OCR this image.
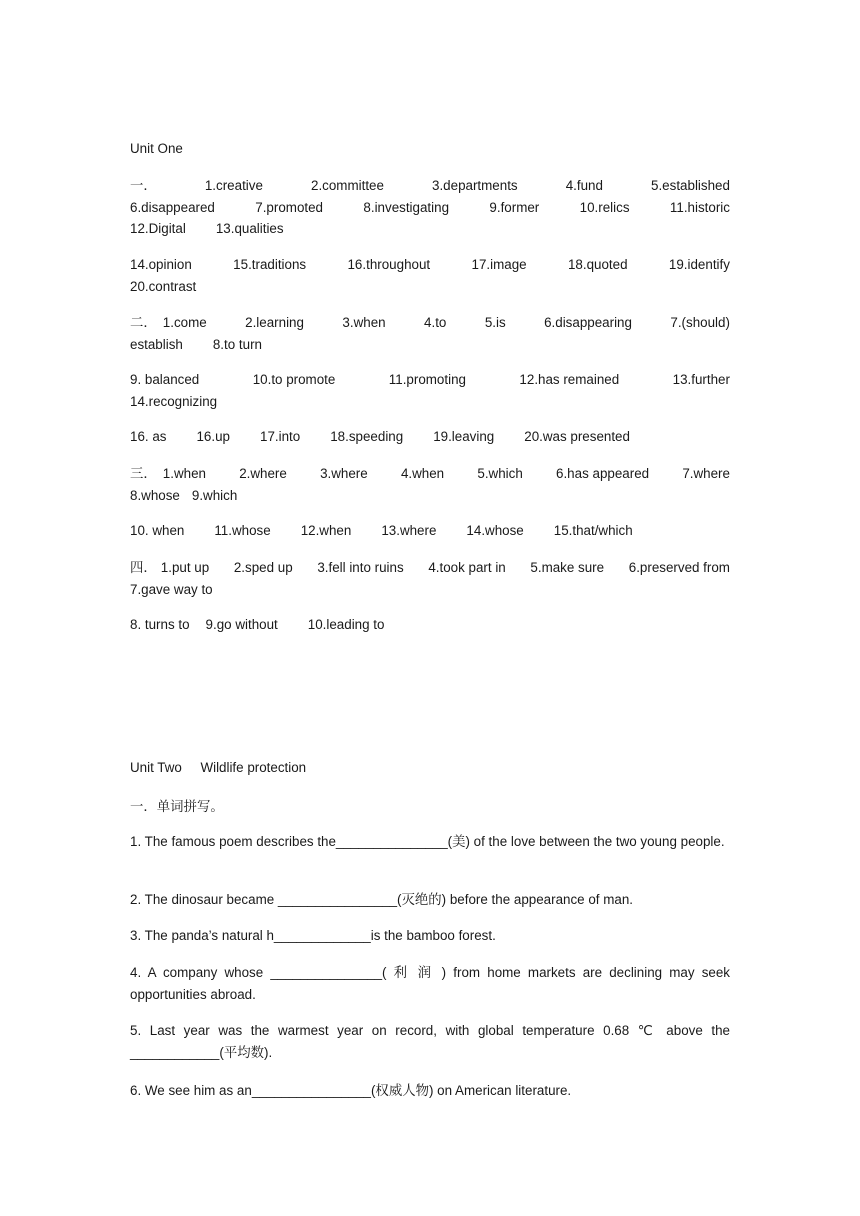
Unit One
一．	1.creative	2.committee	3.departments	4.fund	5.established
6.disappeared	7.promoted	8.investigating	9.former	10.relics	11.historic
12.Digital 13.qualities
14.opinion	15.traditions	16.throughout	17.image	18.quoted	19.identify
20.contrast
二． 1.come	2.learning	3.when	4.to	5.is	6.disappearing	7.(should)
establish 8.to turn
9. balanced	10.to promote	11.promoting	12.has remained	13.further
14.recognizing
16. as 16.up 17.into 18.speeding 19.leaving 20.was presented
三． 1.when 2.where 3.where 4.when 5.which 6.has appeared 7.where
8.whose 9.which
10. when 11.whose 12.when 13.where 14.whose 15.that/which
四． 1.put up 2.sped up 3.fell into ruins 4.took part in 5.make sure 6.preserved from
7.gave way to
8. turns to 9.go without 10.leading to
Unit Two     Wildlife protection
一．单词拼写。
1. The famous poem describes the_______________(美) of the love between the two young people.
2. The dinosaur became ________________(灭绝的) before the appearance of man.
3. The panda’s natural h_____________is the bamboo forest.
4. A company whose _______________( 利 润 ) from home markets are declining may seek opportunities abroad.
5. Last year was the warmest year on record, with global temperature 0.68 ℃ above the ____________(平均数).
6. We see him as an________________(权威人物) on American literature.
